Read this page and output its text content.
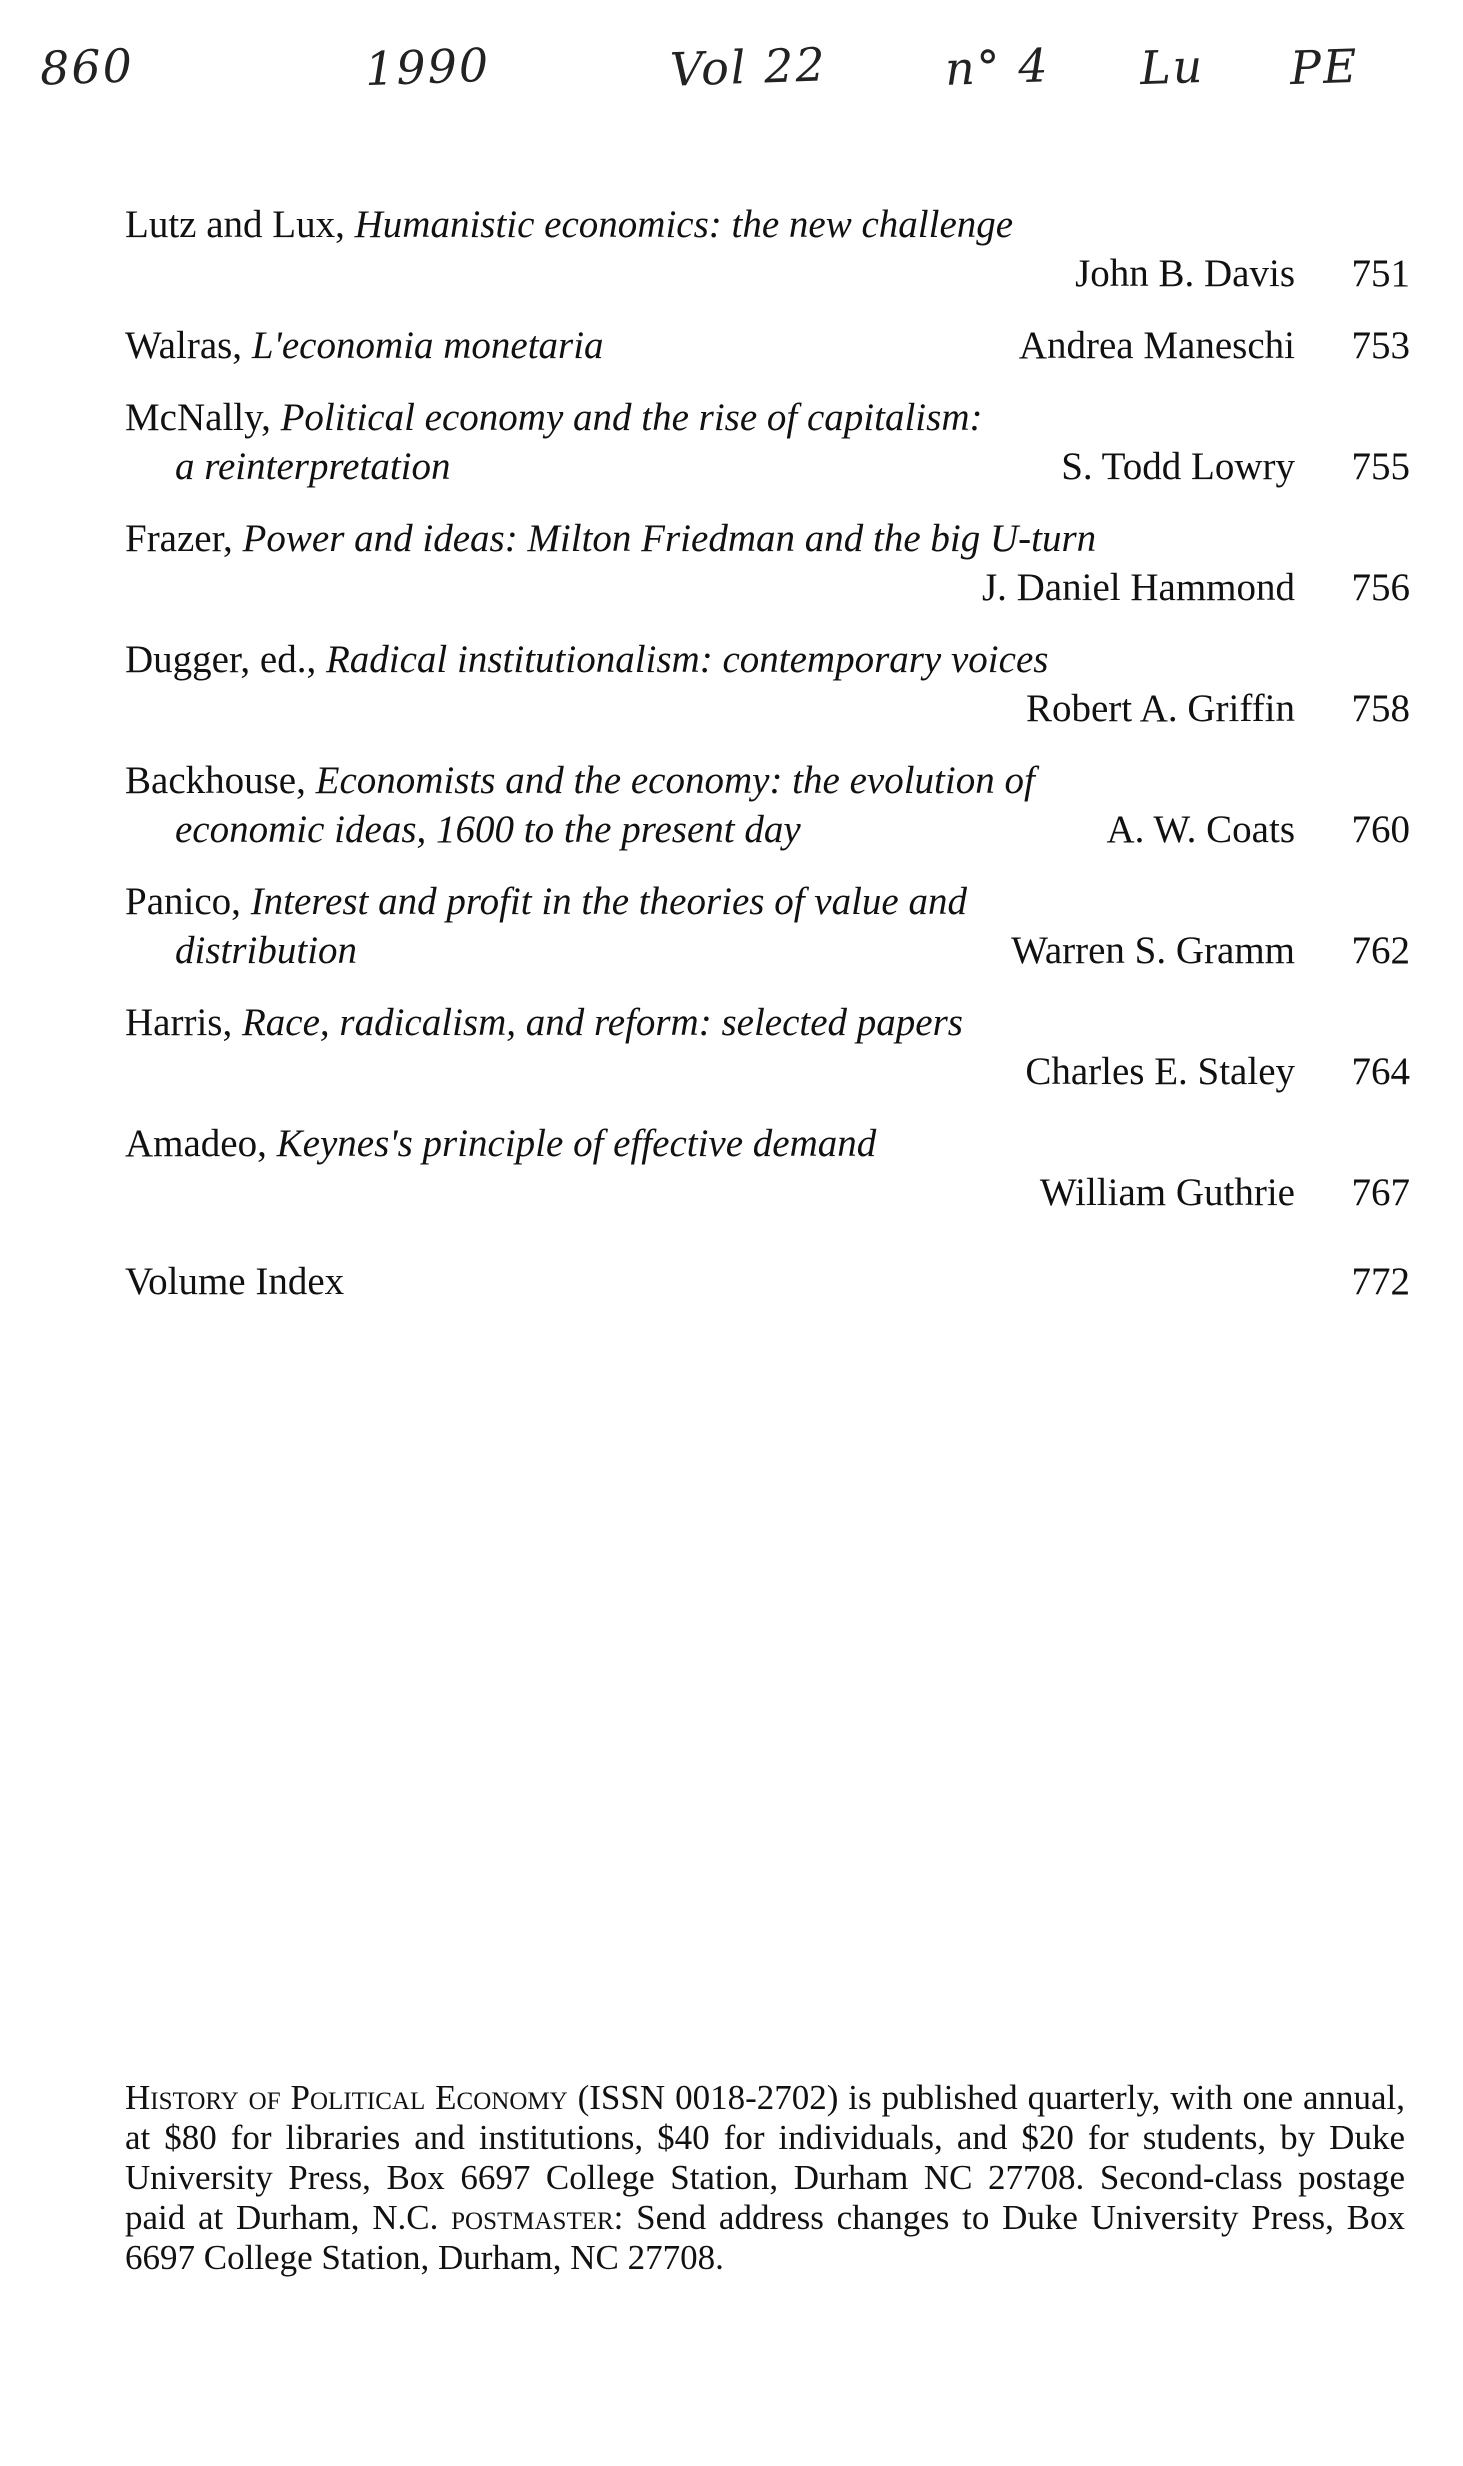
860	1990	Vol 22	n° 4 Lu PE
Lutz and Lux, Humanistic economics: the new challenge
John B. Davis	751
Walras, L'economia monetaria	Andrea Maneschi	753
McNally, Political economy and the rise of capitalism:
a reinterpretation	S. Todd Lowry	755
Frazer, Power and ideas: Milton Friedman and the big U-turn
J. Daniel Hammond	756
Dugger, ed., Radical institutionalism: contemporary voices
Robert A. Griffin	758
Backhouse, Economists and the economy: the evolution of
economic ideas, 1600 to the present day	A. W. Coats	760
Panico, Interest and profit in the theories of value and
distribution	Warren S. Gramm	762
Harris, Race, radicalism, and reform: selected papers
Charles E. Staley	764
Amadeo, Keynes's principle of effective demand
William Guthrie	767
Volume Index	772
History of Political Economy (ISSN 0018-2702) is published quarterly, with one annual, at $80 for libraries and institutions, $40 for individuals, and $20 for students, by Duke University Press, Box 6697 College Station, Durham NC 27708. Second-class postage paid at Durham, N.C. postmaster: Send address changes to Duke University Press, Box 6697 College Station, Durham, NC 27708.
